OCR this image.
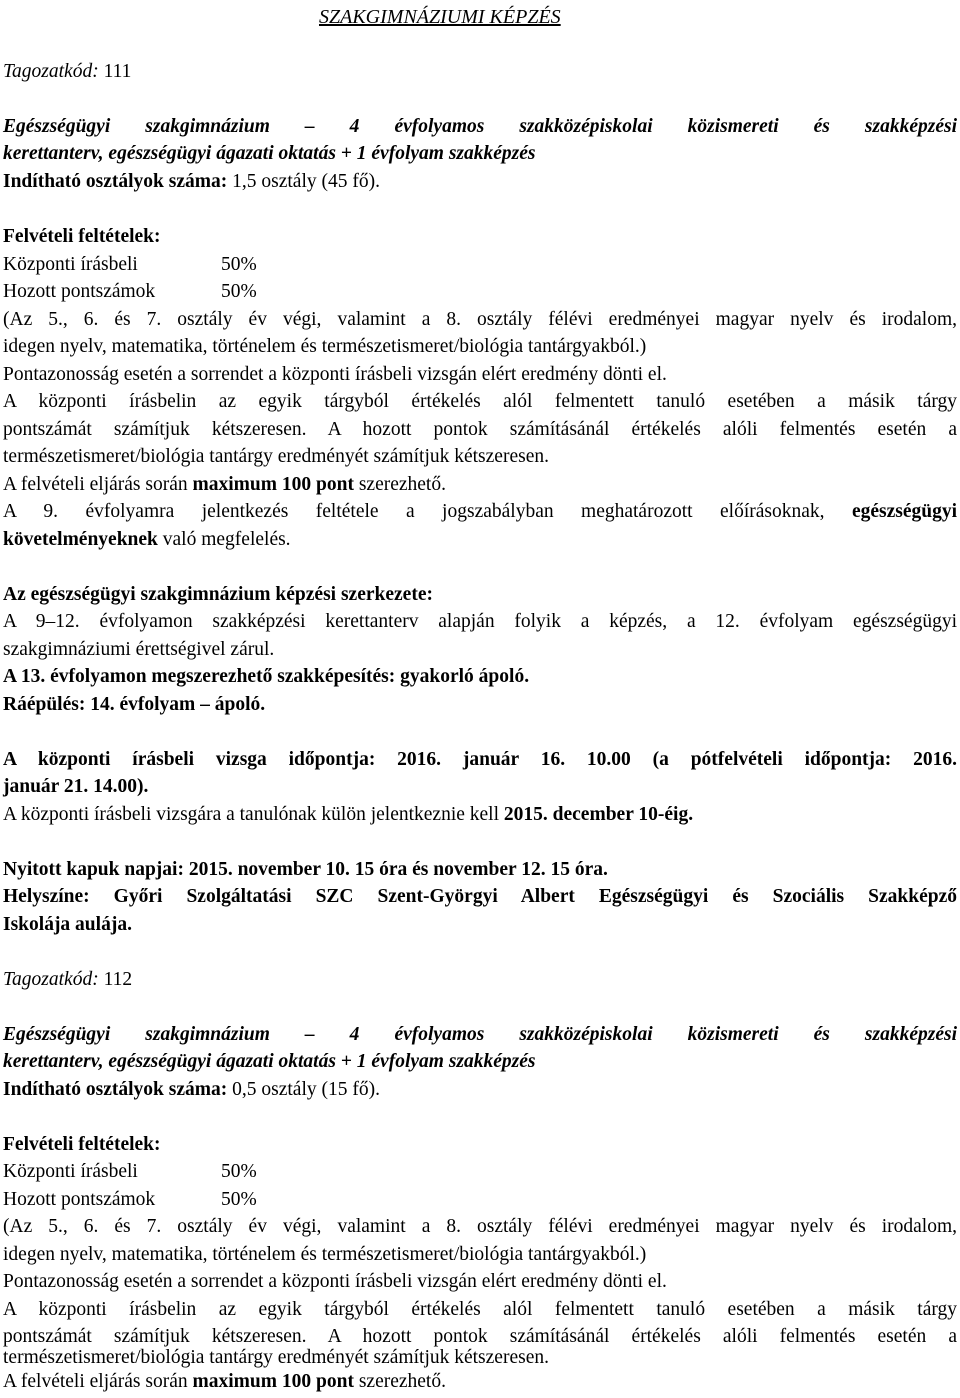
SZAKGIMNÁZIUMI KÉPZÉS
Tagozatkód: 111
Egészségügyi szakgimnázium – 4 évfolyamos szakközépiskolai közismereti és szakképzési
kerettanterv, egészségügyi ágazati oktatás + 1 évfolyam szakképzés
Indítható osztályok száma: 1,5 osztály (45 fő).
Felvételi feltételek:
Központi írásbeli	50%
Hozott pontszámok	50%
(Az 5., 6. és 7. osztály év végi, valamint a 8. osztály félévi eredményei magyar nyelv és irodalom,
idegen nyelv, matematika, történelem és természetismeret/biológia tantárgyakból.)
Pontazonosság esetén a sorrendet a központi írásbeli vizsgán elért eredmény dönti el.
A központi írásbelin az egyik tárgyból értékelés alól felmentett tanuló esetében a másik tárgy
pontszámát számítjuk kétszeresen. A hozott pontok számításánál értékelés alóli felmentés esetén a
természetismeret/biológia tantárgy eredményét számítjuk kétszeresen.
A felvételi eljárás során maximum 100 pont szerezhető.
A 9. évfolyamra jelentkezés feltétele a jogszabályban meghatározott előírásoknak, egészségügyi
követelményeknek való megfelelés.
Az egészségügyi szakgimnázium képzési szerkezete:
A 9–12. évfolyamon szakképzési kerettanterv alapján folyik a képzés, a 12. évfolyam egészségügyi
szakgimnáziumi érettségivel zárul.
A 13. évfolyamon megszerezhető szakképesítés: gyakorló ápoló.
Ráépülés: 14. évfolyam – ápoló.
A központi írásbeli vizsga időpontja: 2016. január 16. 10.00 (a pótfelvételi időpontja: 2016.
január 21. 14.00).
A központi írásbeli vizsgára a tanulónak külön jelentkeznie kell 2015. december 10-éig.
Nyitott kapuk napjai: 2015. november 10. 15 óra és november 12. 15 óra.
Helyszíne: Győri Szolgáltatási SZC Szent-Györgyi Albert Egészségügyi és Szociális Szakképző
Iskolája aulája.
Tagozatkód: 112
Egészségügyi szakgimnázium – 4 évfolyamos szakközépiskolai közismereti és szakképzési
kerettanterv, egészségügyi ágazati oktatás + 1 évfolyam szakképzés
Indítható osztályok száma: 0,5 osztály (15 fő).
Felvételi feltételek:
Központi írásbeli	50%
Hozott pontszámok	50%
(Az 5., 6. és 7. osztály év végi, valamint a 8. osztály félévi eredményei magyar nyelv és irodalom,
idegen nyelv, matematika, történelem és természetismeret/biológia tantárgyakból.)
Pontazonosság esetén a sorrendet a központi írásbeli vizsgán elért eredmény dönti el.
A központi írásbelin az egyik tárgyból értékelés alól felmentett tanuló esetében a másik tárgy
pontszámát számítjuk kétszeresen. A hozott pontok számításánál értékelés alóli felmentés esetén a
természetismeret/biológia tantárgy eredményét számítjuk kétszeresen.
A felvételi eljárás során maximum 100 pont szerezhető.
